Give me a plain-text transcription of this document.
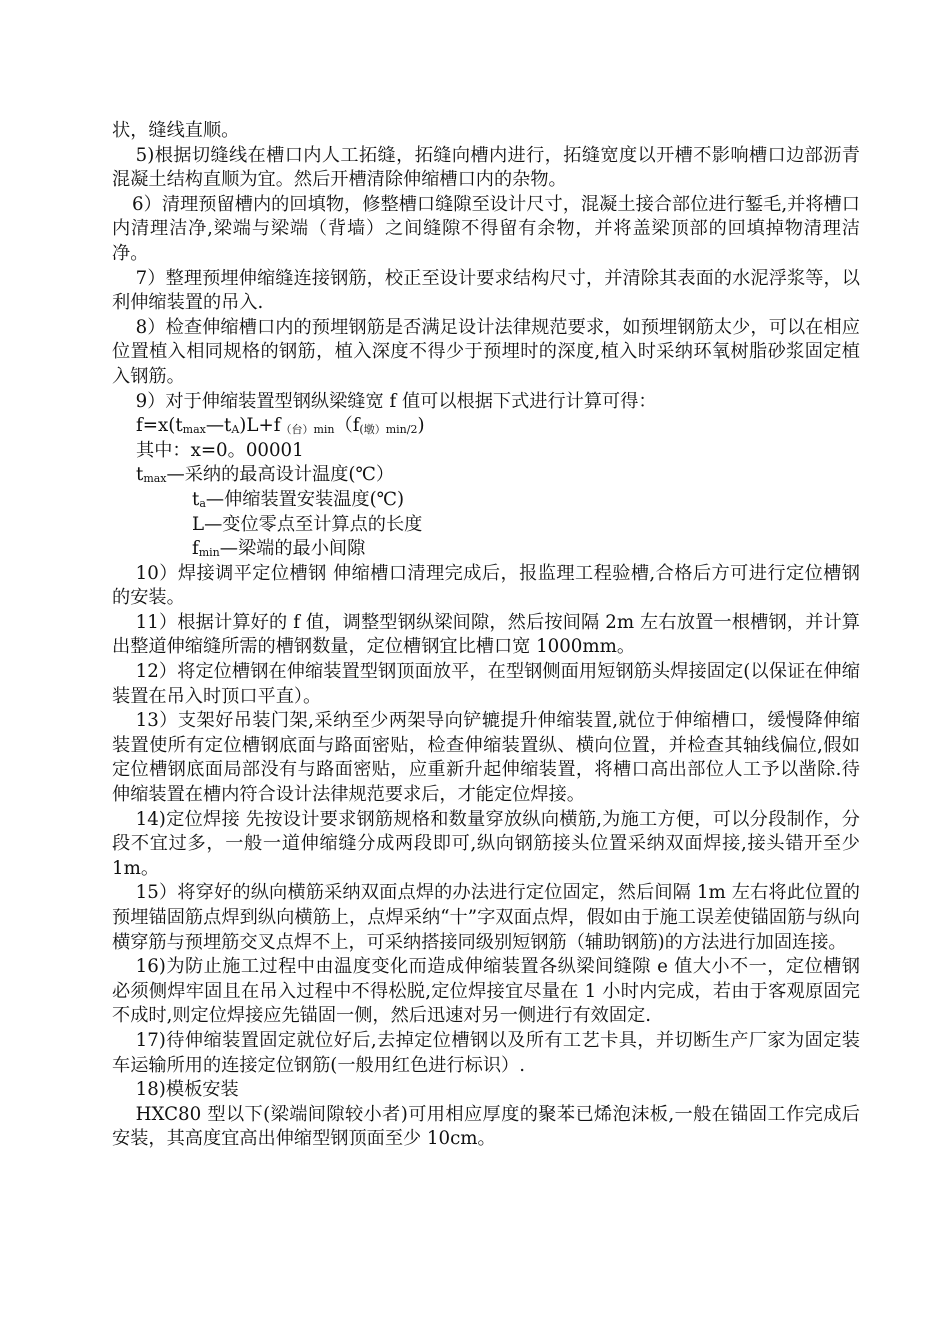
状，缝线直顺。

5)根据切缝线在槽口内人工拓缝，拓缝向槽内进行，拓缝宽度以开槽不影响槽口边部沥青混凝土结构直顺为宜。然后开槽清除伸缩槽口内的杂物。

6）清理预留槽内的回填物，修整槽口缝隙至设计尺寸，混凝土接合部位进行錾毛,并将槽口内清理洁净,梁端与梁端（背墙）之间缝隙不得留有余物，并将盖梁顶部的回填掉物清理洁净。

7）整理预埋伸缩缝连接钢筋，校正至设计要求结构尺寸，并清除其表面的水泥浮浆等，以利伸缩装置的吊入.

8）检查伸缩槽口内的预埋钢筋是否满足设计法律规范要求，如预埋钢筋太少，可以在相应位置植入相同规格的钢筋，植入深度不得少于预埋时的深度,植入时采纳环氧树脂砂浆固定植入钢筋。

9）对于伸缩装置型钢纵梁缝宽 f 值可以根据下式进行计算可得：

$f=x(t_{max}—t_A)L+f_{(台)min}(f_{(墩)min/2})$

其中：x=0。00001

$t_{max}—$采纳的最高设计温度(℃）

$t_a—$伸缩装置安装温度(℃)

L—变位零点至计算点的长度

$f_{min}—$梁端的最小间隙

10）焊接调平定位槽钢 伸缩槽口清理完成后，报监理工程验槽,合格后方可进行定位槽钢的安装。

11）根据计算好的 f 值，调整型钢纵梁间隙，然后按间隔 2m 左右放置一根槽钢，并计算出整道伸缩缝所需的槽钢数量，定位槽钢宜比槽口宽 1000mm。

12）将定位槽钢在伸缩装置型钢顶面放平，在型钢侧面用短钢筋头焊接固定(以保证在伸缩装置在吊入时顶口平直）。

13）支架好吊装门架,采纳至少两架导向铲辘提升伸缩装置,就位于伸缩槽口，缓慢降伸缩装置使所有定位槽钢底面与路面密贴，检查伸缩装置纵、横向位置，并检查其轴线偏位,假如定位槽钢底面局部没有与路面密贴，应重新升起伸缩装置，将槽口高出部位人工予以凿除.待伸缩装置在槽内符合设计法律规范要求后，才能定位焊接。

14)定位焊接 先按设计要求钢筋规格和数量穿放纵向横筋,为施工方便，可以分段制作，分段不宜过多，一般一道伸缩缝分成两段即可,纵向钢筋接头位置采纳双面焊接,接头错开至少 1m。

15）将穿好的纵向横筋采纳双面点焊的办法进行定位固定，然后间隔 1m 左右将此位置的预埋锚固筋点焊到纵向横筋上，点焊采纳“十”字双面点焊，假如由于施工误差使锚固筋与纵向横穿筋与预埋筋交叉点焊不上，可采纳搭接同级别短钢筋（辅助钢筋)的方法进行加固连接。

16)为防止施工过程中由温度变化而造成伸缩装置各纵梁间缝隙 e 值大小不一，定位槽钢必须侧焊牢固且在吊入过程中不得松脱,定位焊接宜尽量在 1 小时内完成，若由于客观原固完不成时,则定位焊接应先锚固一侧，然后迅速对另一侧进行有效固定.

17)待伸缩装置固定就位好后,去掉定位槽钢以及所有工艺卡具，并切断生产厂家为固定装车运输所用的连接定位钢筋(一般用红色进行标识）.

18)模板安装

HXC80 型以下(梁端间隙较小者)可用相应厚度的聚苯已烯泡沫板,一般在锚固工作完成后安装，其高度宜高出伸缩型钢顶面至少 10cm。
